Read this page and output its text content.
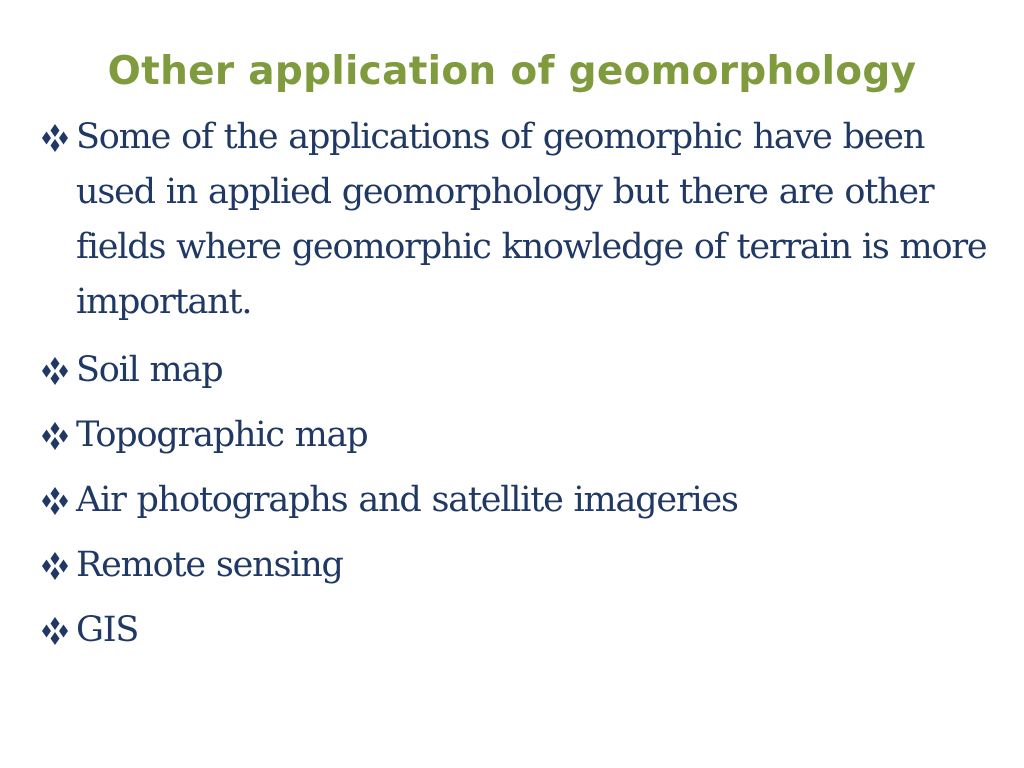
Other application of geomorphology
Some of the applications of geomorphic have been used in applied geomorphology but there are other fields where geomorphic knowledge of terrain is more important.
Soil map
Topographic map
Air photographs and satellite imageries
Remote sensing
GIS
